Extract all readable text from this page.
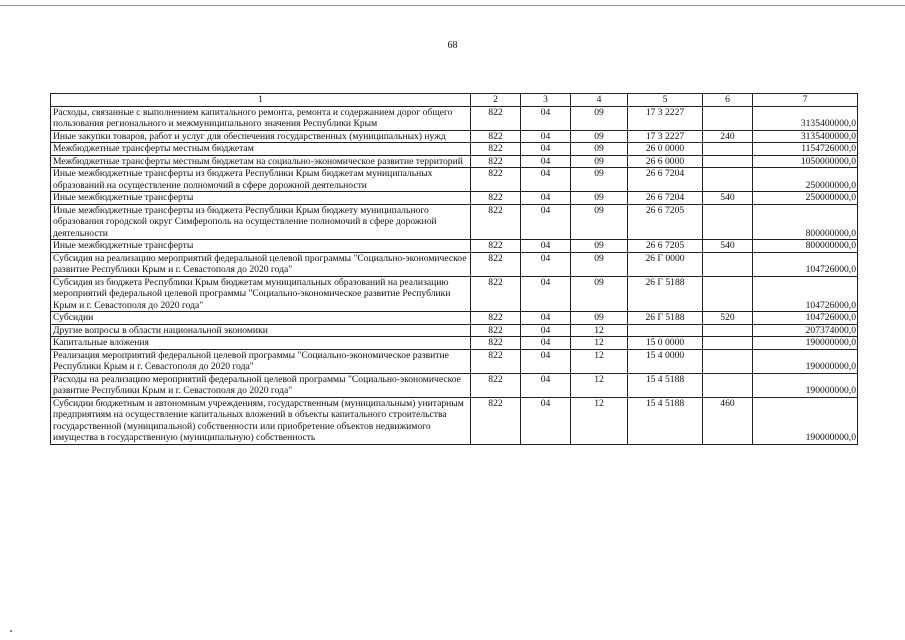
68
1	2	3	4	5	6	7
Расходы, связанные с выполнением капитального ремонта, ремонта и содержанием дорог общего пользования регионального и межмуниципального значения Республики Крым	822	04	09	17 3 2227		3135400000,0
Иные закупки товаров, работ и услуг для обеспечения государственных (муниципальных) нужд	822	04	09	17 3 2227	240	3135400000,0
Межбюджетные трансферты местным бюджетам	822	04	09	26 0 0000		1154726000,0
Межбюджетные трансферты местным бюджетам на социально-экономическое развитие территорий	822	04	09	26 6 0000		1050000000,0
Иные межбюджетные трансферты из бюджета Республики Крым бюджетам муниципальных образований на осуществление полномочий в сфере дорожной деятельности	822	04	09	26 6 7204		250000000,0
Иные межбюджетные трансферты	822	04	09	26 6 7204	540	250000000,0
Иные межбюджетные трансферты из бюджета Республики Крым бюджету муниципального образования городской округ Симферополь на осуществление полномочий в сфере дорожной деятельности	822	04	09	26 6 7205		800000000,0
Иные межбюджетные трансферты	822	04	09	26 6 7205	540	800000000,0
Субсидия на реализацию мероприятий федеральной целевой программы "Социально-экономическое развитие Республики Крым и г. Севастополя до 2020 года"	822	04	09	26 Г 0000		104726000,0
Субсидия из бюджета Республики Крым бюджетам муниципальных образований на реализацию мероприятий федеральной целевой программы "Социально-экономическое развитие Республики Крым и г. Севастополя до 2020 года"	822	04	09	26 Г 5188		104726000,0
Субсидии	822	04	09	26 Г 5188	520	104726000,0
Другие вопросы в области национальной экономики	822	04	12			207374000,0
Капитальные вложения	822	04	12	15 0 0000		190000000,0
Реализация мероприятий федеральной целевой программы "Социально-экономическое развитие Республики Крым и г. Севастополя до 2020 года"	822	04	12	15 4 0000		190000000,0
Расходы на реализацию мероприятий федеральной целевой программы "Социально-экономическое развитие Республики Крым и г. Севастополя до 2020 года"	822	04	12	15 4 5188		190000000,0
Субсидии бюджетным и автономным учреждениям, государственным (муниципальным) унитарным предприятиям на осуществление капитальных вложений в объекты капитального строительства государственной (муниципальной) собственности или приобретение объектов недвижимого имущества в государственную (муниципальную) собственность	822	04	12	15 4 5188	460	190000000,0
